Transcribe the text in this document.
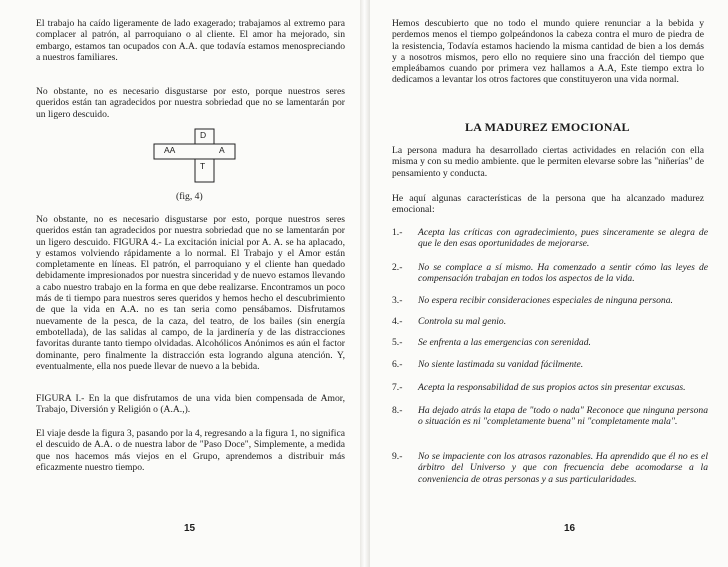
El trabajo ha caído ligeramente de lado exagerado; trabajamos al extremo para complacer al patrón, al parroquiano o al cliente. El amor ha mejorado, sin embargo, estamos tan ocupados con A.A. que todavía estamos menospreciando a nuestros familiares.

No obstante, no es necesario disgustarse por esto, porque nuestros seres queridos están tan agradecidos por nuestra sobriedad que no se lamentarán por un ligero descuido.

D
AA	A
T
(fig, 4)

No obstante, no es necesario disgustarse por esto, porque nuestros seres queridos están tan agradecidos por nuestra sobriedad que no se lamentarán por un ligero descuido. FIGURA 4.- La excitación inicial por A. A. se ha aplacado, y estamos volviendo rápidamente a lo normal. El Trabajo y el Amor están completamente en líneas. El patrón, el parroquiano y el cliente han quedado debidamente impresionados por nuestra sinceridad y de nuevo estamos llevando a cabo nuestro trabajo en la forma en que debe realizarse. Encontramos un poco más de ti tiempo para nuestros seres queridos y hemos hecho el descubrimiento de que la vida en A.A. no es tan seria como pensábamos. Disfrutamos nuevamente de la pesca, de la caza, del teatro, de los bailes (sin energía embotellada), de las salidas al campo, de la jardinería y de las distracciones favoritas durante tanto tiempo olvidadas. Alcohólicos Anónimos es aún el factor dominante, pero finalmente la distracción esta logrando alguna atención. Y, eventualmente, ella nos puede llevar de nuevo a la bebida.

FIGURA I.- En la que disfrutamos de una vida bien compensada de Amor, Trabajo, Diversión y Religión o (A.A.,).

El viaje desde la figura 3, pasando por la 4, regresando a la figura 1, no significa el descuido de A.A. o de nuestra labor de "Paso Doce", Simplemente, a medida que nos hacemos más viejos en el Grupo, aprendemos a distribuir más eficazmente nuestro tiempo.

15

Hemos descubierto que no todo el mundo quiere renunciar a la bebida y perdemos menos el tiempo golpeándonos la cabeza contra el muro de piedra de la resistencia, Todavía estamos haciendo la misma cantidad de bien a los demás y a nosotros mismos, pero ello no requiere sino una fracción del tiempo que empleábamos cuando por primera vez hallamos a A.A, Este tiempo extra lo dedicamos a levantar los otros factores que constituyeron una vida normal.

LA MADUREZ EMOCIONAL

La persona madura ha desarrollado ciertas actividades en relación con ella misma y con su medio ambiente. que le permiten elevarse sobre las "niñerías" de pensamiento y conducta.

He aquí algunas características de la persona que ha alcanzado madurez emocional:

1.- Acepta las críticas con agradecimiento, pues sinceramente se alegra de que le den esas oportunidades de mejorarse.

2.- No se complace a sí mismo. Ha comenzado a sentir cómo las leyes de compensación trabajan en todos los aspectos de la vida.

3.- No espera recibir consideraciones especiales de ninguna persona.

4.- Controla su mal genio.

5.- Se enfrenta a las emergencias con serenidad.

6.- No siente lastimada su vanidad fácilmente.

7.- Acepta la responsabilidad de sus propios actos sin presentar excusas.

8.- Ha dejado atrás la etapa de "todo o nada" Reconoce que ninguna persona o situación es ni "completamente buena" ni "completamente mala".

9.- No se impaciente con los atrasos razonables. Ha aprendido que él no es el árbitro del Universo y que con frecuencia debe acomodarse a la conveniencia de otras personas y a sus particularidades.

16
